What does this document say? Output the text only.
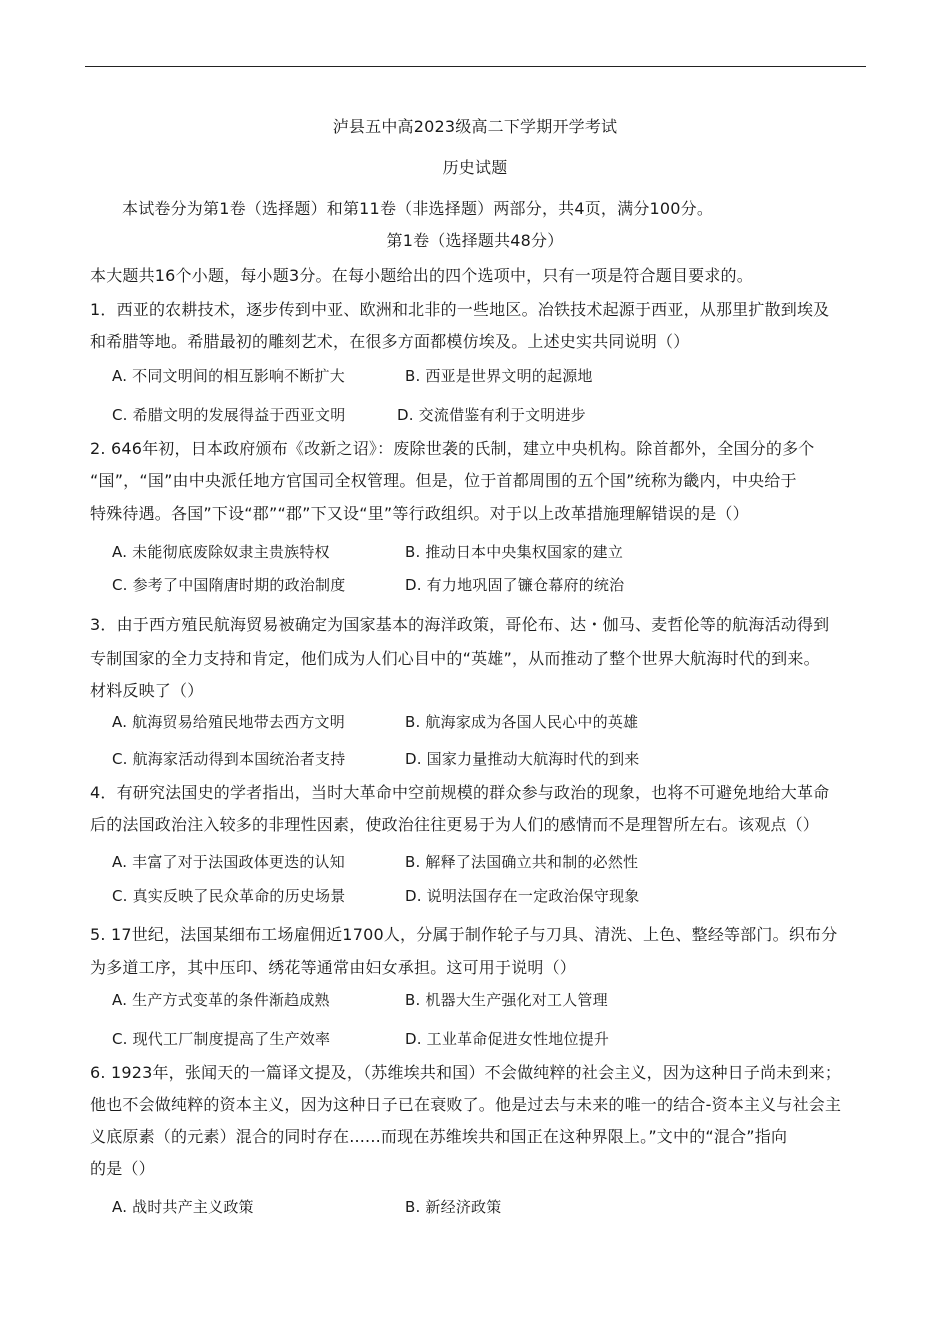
泸县五中高2023级高二下学期开学考试
历史试题
本试卷分为第1卷（选择题）和第11卷（非选择题）两部分，共4页，满分100分。
第1卷（选择题共48分）
本大题共16个小题，每小题3分。在每小题给出的四个选项中，只有一项是符合题目要求的。
1．西亚的农耕技术，逐步传到中亚、欧洲和北非的一些地区。冶铁技术起源于西亚，从那里扩散到埃及
和希腊等地。希腊最初的雕刻艺术，在很多方面都模仿埃及。上述史实共同说明（）
A. 不同文明间的相互影响不断扩大	B. 西亚是世界文明的起源地
C. 希腊文明的发展得益于西亚文明	D. 交流借鉴有利于文明进步
2. 646年初，日本政府颁布《改新之诏》：废除世袭的氏制，建立中央机构。除首都外，全国分的多个
“国”，“国”由中央派任地方官国司全权管理。但是，位于首都周围的五个国”统称为畿内，中央给于
特殊待遇。各国”下设“郡”“郡”下又设“里”等行政组织。对于以上改革措施理解错误的是（）
A. 未能彻底废除奴隶主贵族特权	B. 推动日本中央集权国家的建立
C. 参考了中国隋唐时期的政治制度	D. 有力地巩固了镰仓幕府的统治
3．由于西方殖民航海贸易被确定为国家基本的海洋政策，哥伦布、达・伽马、麦哲伦等的航海活动得到
专制国家的全力支持和肯定，他们成为人们心目中的“英雄”，从而推动了整个世界大航海时代的到来。
材料反映了（）
A. 航海贸易给殖民地带去西方文明	B. 航海家成为各国人民心中的英雄
C. 航海家活动得到本国统治者支持	D. 国家力量推动大航海时代的到来
4．有研究法国史的学者指出，当时大革命中空前规模的群众参与政治的现象，也将不可避免地给大革命
后的法国政治注入较多的非理性因素，使政治往往更易于为人们的感情而不是理智所左右。该观点（）
A. 丰富了对于法国政体更迭的认知	B. 解释了法国确立共和制的必然性
C. 真实反映了民众革命的历史场景	D. 说明法国存在一定政治保守现象
5. 17世纪，法国某细布工场雇佣近1700人，分属于制作轮子与刀具、清洗、上色、整经等部门。织布分
为多道工序，其中压印、绣花等通常由妇女承担。这可用于说明（）
A. 生产方式变革的条件渐趋成熟	B. 机器大生产强化对工人管理
C. 现代工厂制度提高了生产效率	D. 工业革命促进女性地位提升
6. 1923年，张闻天的一篇译文提及，（苏维埃共和国）不会做纯粹的社会主义，因为这种日子尚未到来；
他也不会做纯粹的资本主义，因为这种日子已在衰败了。他是过去与未来的唯一的结合-资本主义与社会主
义底原素（的元素）混合的同时存在......而现在苏维埃共和国正在这种界限上。”文中的“混合”指向
的是（）
A. 战时共产主义政策	B. 新经济政策
